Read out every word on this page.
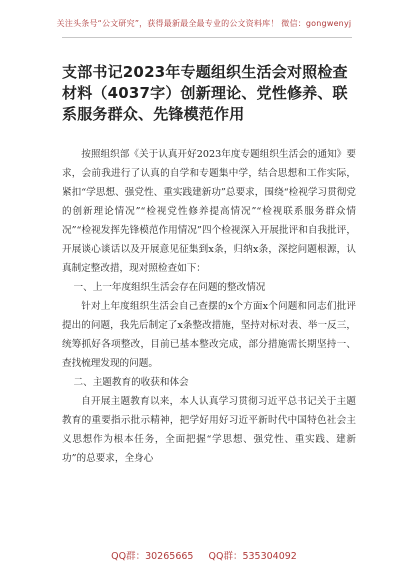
关注头条号“公文研究”，获得最新最全最专业的公文资料库！ 微信：gongwenyj
支部书记2023年专题组织生活会对照检查材料（4037字）创新理论、党性修养、联系服务群众、先锋模范作用

按照组织部《关于认真开好2023年度专题组织生活会的通知》要求，会前我进行了认真的自学和专题集中学，结合思想和工作实际，紧扣“学思想、强党性、重实践建新功”总要求，围绕“检视学习贯彻党的创新理论情况”“检视党性修养提高情况”“检视联系服务群众情况”“检视发挥先锋模范作用情况”四个检视深入开展批评和自我批评，开展谈心谈话以及开展意见征集到x条，归纳x条，深挖问题根源，认真制定整改措，现对照检查如下：

一、上一年度组织生活会存在问题的整改情况

针对上年度组织生活会自己查摆的x个方面x个问题和同志们批评提出的问题，我先后制定了x条整改措施，坚持对标对表、举一反三，统筹抓好各项整改，目前已基本整改完成，部分措施需长期坚持一、查找梳理发现的问题。

二、主题教育的收获和体会

自开展主题教育以来，本人认真学习贯彻习近平总书记关于主题教育的重要指示批示精神，把学好用好习近平新时代中国特色社会主义思想作为根本任务，全面把握“学思想、强党性、重实践、建新功”的总要求，全身心

QQ群：30265665 QQ群：535304092
